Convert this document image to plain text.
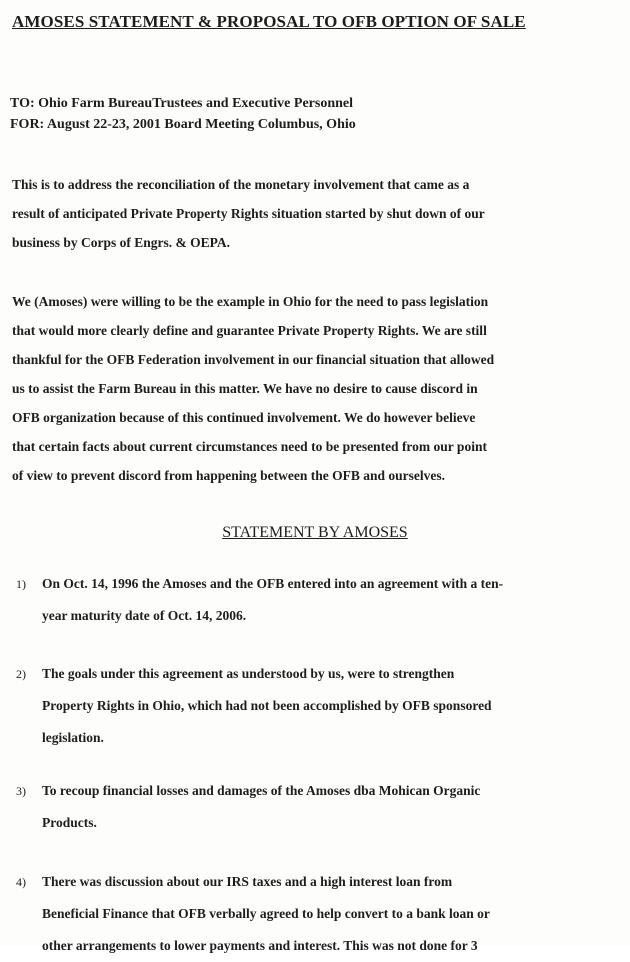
AMOSES STATEMENT & PROPOSAL TO OFB OPTION OF SALE
TO: Ohio Farm BureauTrustees and Executive Personnel
FOR: August 22-23, 2001 Board Meeting Columbus, Ohio
This is to address the reconciliation of the monetary involvement that came as a
result of anticipated Private Property Rights situation started by shut down of our
business by Corps of Engrs. & OEPA.
We (Amoses) were willing to be the example in Ohio for the need to pass legislation
that would more clearly define and guarantee Private Property Rights. We are still
thankful for the OFB Federation involvement in our financial situation that allowed
us to assist the Farm Bureau in this matter. We have no desire to cause discord in
OFB organization because of this continued involvement. We do however believe
that certain facts about current circumstances need to be presented from our point
of view to prevent discord from happening between the OFB and ourselves.
STATEMENT BY AMOSES
1) On Oct. 14, 1996 the Amoses and the OFB entered into an agreement with a ten-
year maturity date of Oct. 14, 2006.
2) The goals under this agreement as understood by us, were to strengthen
Property Rights in Ohio, which had not been accomplished by OFB sponsored
legislation.
3) To recoup financial losses and damages of the Amoses dba Mohican Organic
Products.
4) There was discussion about our IRS taxes and a high interest loan from
Beneficial Finance that OFB verbally agreed to help convert to a bank loan or
other arrangements to lower payments and interest. This was not done for 3
